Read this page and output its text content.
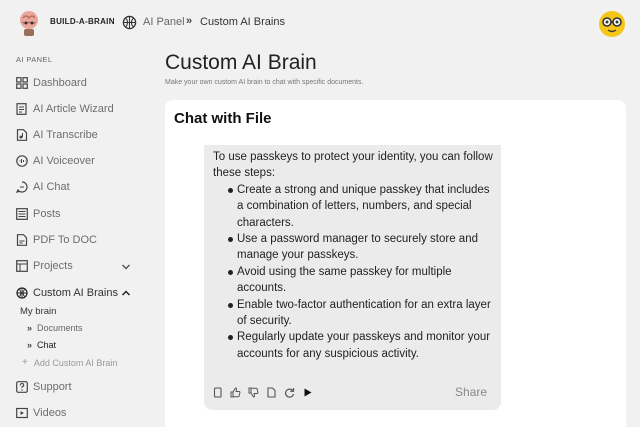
BUILD-A-BRAIN	AI Panel » Custom AI Brains
AI PANEL
Dashboard
AI Article Wizard
AI Transcribe
AI Voiceover
AI Chat
Posts
PDF To DOC
Projects
Custom AI Brains
My brain
» Documents
» Chat
+ Add Custom AI Brain
Support
Videos
Custom AI Brain

Make your own custom AI brain to chat with specific documents.

Chat with File
To use passkeys to protect your identity, you can follow these steps:
Create a strong and unique passkey that includes a combination of letters, numbers, and special characters.
Use a password manager to securely store and manage your passkeys.
Avoid using the same passkey for multiple accounts.
Enable two-factor authentication for an extra layer of security.
Regularly update your passkeys and monitor your accounts for any suspicious activity.
Share
